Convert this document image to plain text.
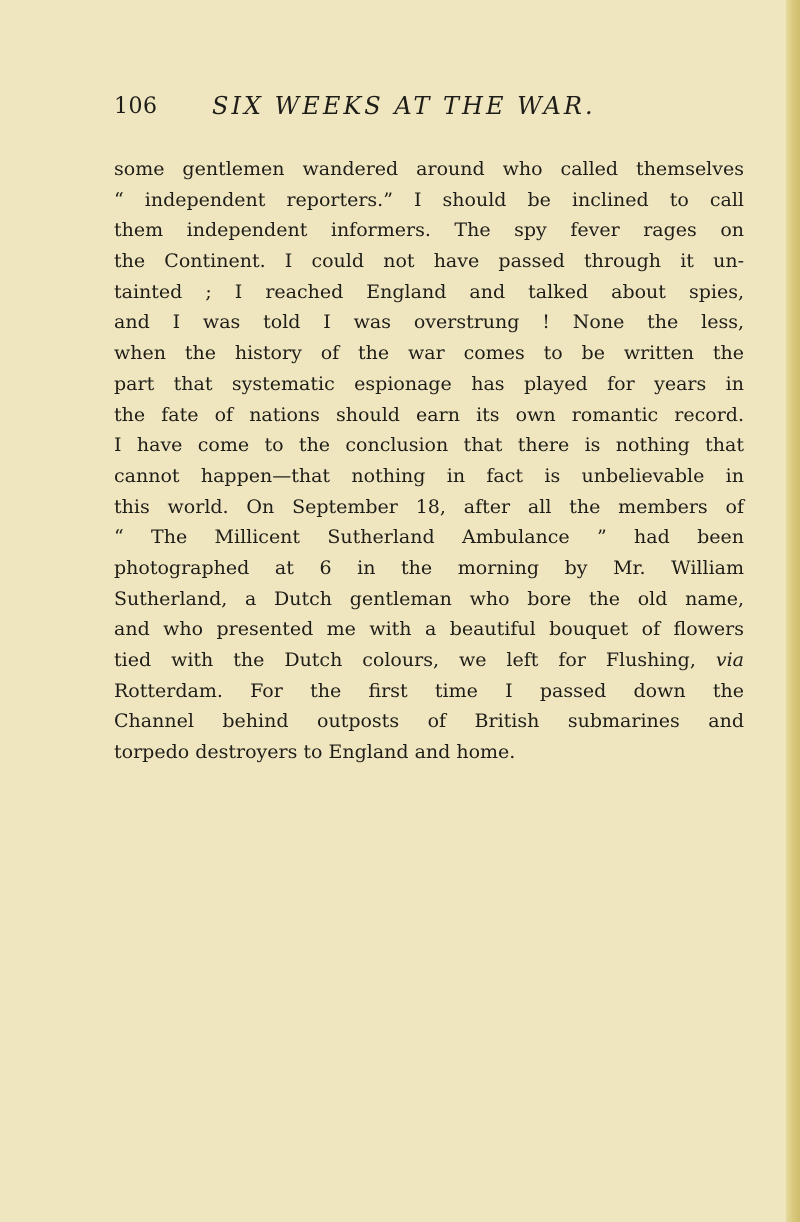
106 SIX WEEKS AT THE WAR.
some gentlemen wandered around who called themselves
“ independent reporters.” I should be inclined to call
them independent informers. The spy fever rages on
the Continent. I could not have passed through it un-
tainted ; I reached England and talked about spies,
and I was told I was overstrung ! None the less,
when the history of the war comes to be written the
part that systematic espionage has played for years in
the fate of nations should earn its own romantic record.
I have come to the conclusion that there is nothing that
cannot happen—that nothing in fact is unbelievable in
this world. On September 18, after all the members of
“ The Millicent Sutherland Ambulance ” had been
photographed at 6 in the morning by Mr. William
Sutherland, a Dutch gentleman who bore the old name,
and who presented me with a beautiful bouquet of flowers
tied with the Dutch colours, we left for Flushing, via
Rotterdam. For the first time I passed down the
Channel behind outposts of British submarines and
torpedo destroyers to England and home.
